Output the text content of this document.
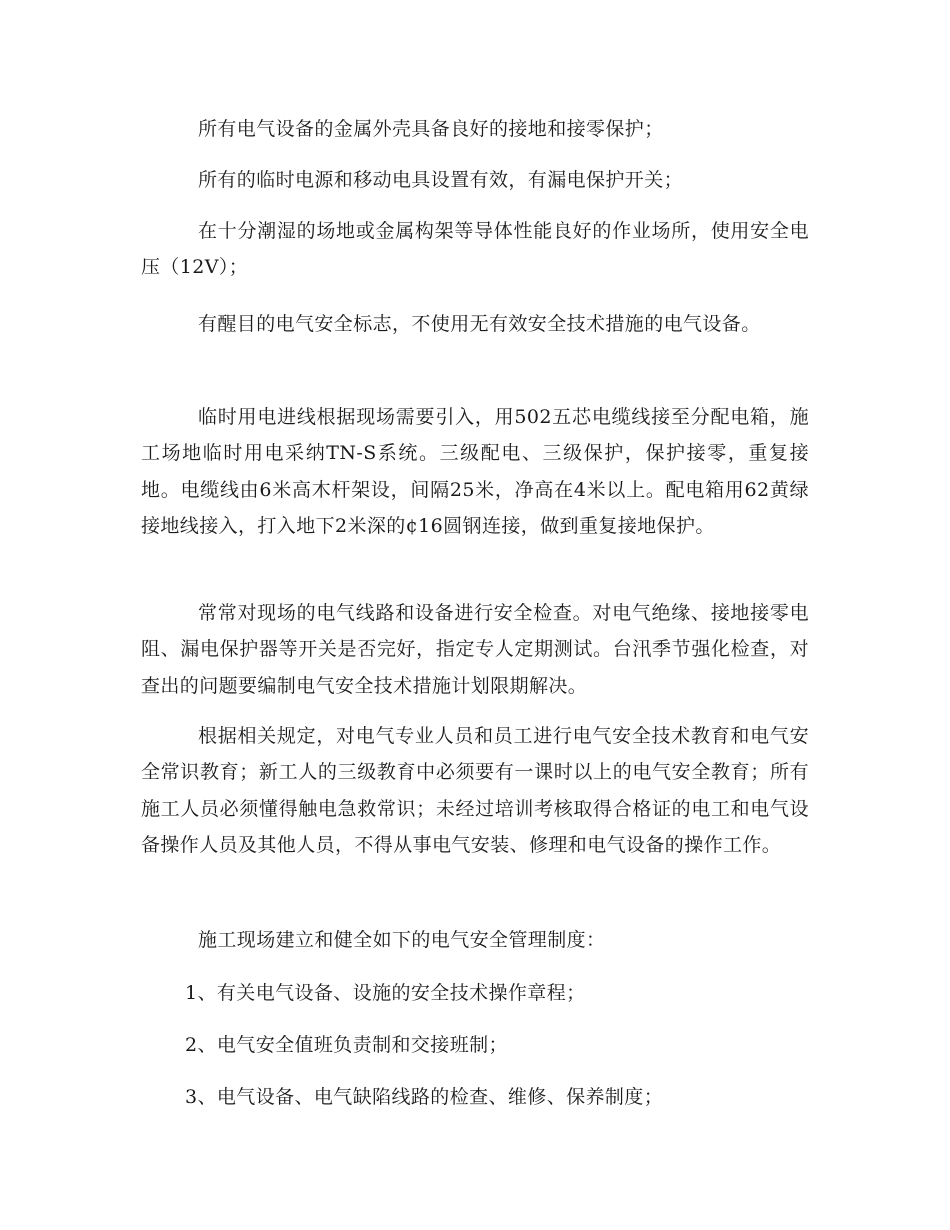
所有电气设备的金属外壳具备良好的接地和接零保护；

所有的临时电源和移动电具设置有效，有漏电保护开关；

在十分潮湿的场地或金属构架等导体性能良好的作业场所，使用安全电压（12V）；

有醒目的电气安全标志，不使用无有效安全技术措施的电气设备。

临时用电进线根据现场需要引入，用502五芯电缆线接至分配电箱，施工场地临时用电采纳TN-S系统。三级配电、三级保护，保护接零，重复接地。电缆线由6米高木杆架设，间隔25米，净高在4米以上。配电箱用62黄绿接地线接入，打入地下2米深的¢16圆钢连接，做到重复接地保护。

常常对现场的电气线路和设备进行安全检查。对电气绝缘、接地接零电阻、漏电保护器等开关是否完好，指定专人定期测试。台汛季节强化检查，对查出的问题要编制电气安全技术措施计划限期解决。

根据相关规定，对电气专业人员和员工进行电气安全技术教育和电气安全常识教育；新工人的三级教育中必须要有一课时以上的电气安全教育；所有施工人员必须懂得触电急救常识；未经过培训考核取得合格证的电工和电气设备操作人员及其他人员，不得从事电气安装、修理和电气设备的操作工作。

施工现场建立和健全如下的电气安全管理制度：

1、有关电气设备、设施的安全技术操作章程；

2、电气安全值班负责制和交接班制；

3、电气设备、电气缺陷线路的检查、维修、保养制度；
